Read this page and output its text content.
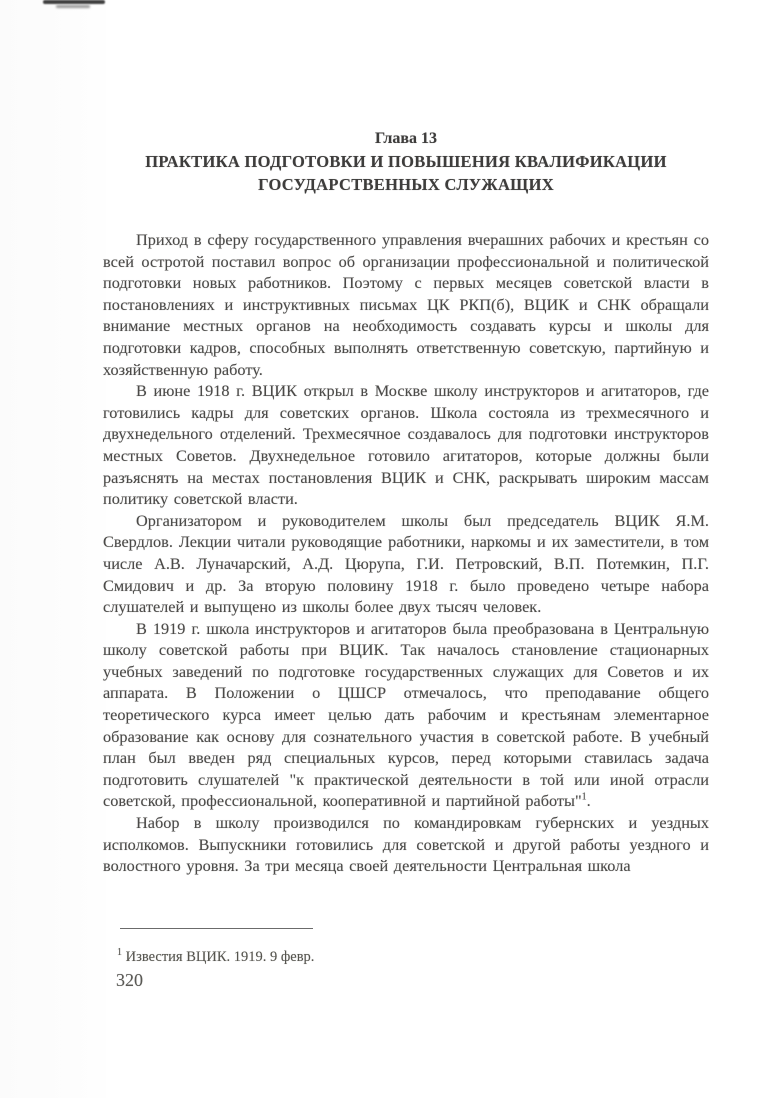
Глава 13
ПРАКТИКА ПОДГОТОВКИ И ПОВЫШЕНИЯ КВАЛИФИКАЦИИ
ГОСУДАРСТВЕННЫХ СЛУЖАЩИХ

Приход в сферу государственного управления вчерашних рабочих и крестьян со всей остротой поставил вопрос об организации профессиональной и политической подготовки новых работников. Поэтому с первых месяцев советской власти в постановлениях и инструктивных письмах ЦК РКП(б), ВЦИК и СНК обращали внимание местных органов на необходимость создавать курсы и школы для подготовки кадров, способных выполнять ответственную советскую, партийную и хозяйственную работу.

В июне 1918 г. ВЦИК открыл в Москве школу инструкторов и агитаторов, где готовились кадры для советских органов. Школа состояла из трехмесячного и двухнедельного отделений. Трехмесячное создавалось для подготовки инструкторов местных Советов. Двухнедельное готовило агитаторов, которые должны были разъяснять на местах постановления ВЦИК и СНК, раскрывать широким массам политику советской власти.

Организатором и руководителем школы был председатель ВЦИК Я.М. Свердлов. Лекции читали руководящие работники, наркомы и их заместители, в том числе А.В. Луначарский, А.Д. Цюрупа, Г.И. Петровский, В.П. Потемкин, П.Г. Смидович и др. За вторую половину 1918 г. было проведено четыре набора слушателей и выпущено из школы более двух тысяч человек.

В 1919 г. школа инструкторов и агитаторов была преобразована в Центральную школу советской работы при ВЦИК. Так началось становление стационарных учебных заведений по подготовке государственных служащих для Советов и их аппарата. В Положении о ЦШСР отмечалось, что преподавание общего теоретического курса имеет целью дать рабочим и крестьянам элементарное образование как основу для сознательного участия в советской работе. В учебный план был введен ряд специальных курсов, перед которыми ставилась задача подготовить слушателей "к практической деятельности в той или иной отрасли советской, профессиональной, кооперативной и партийной работы"$^1$.

Набор в школу производился по командировкам губернских и уездных исполкомов. Выпускники готовились для советской и другой работы уездного и волостного уровня. За три месяца своей деятельности Центральная школа

$^1$ Известия ВЦИК. 1919. 9 февр.
320
